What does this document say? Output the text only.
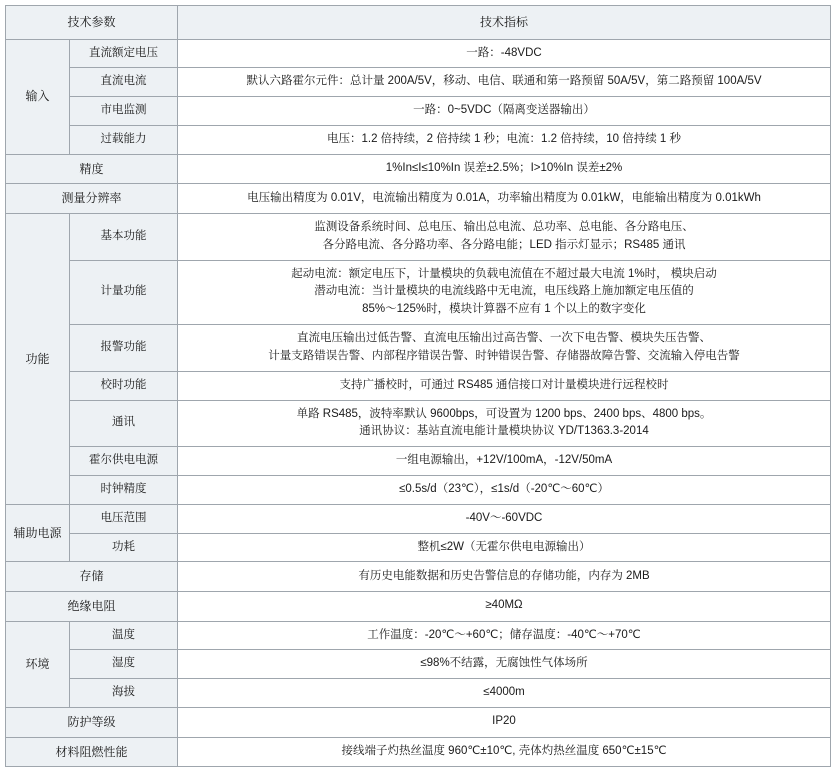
技术参数		技术指标
输入	直流额定电压	一路：-48VDC

	直流电流	默认六路霍尔元件：总计量 200A/5V，移动、电信、联通和第一路预留 50A/5V，第二路预留 100A/5V

	市电监测	一路：0~5VDC（隔离变送器输出）

	过载能力	电压：1.2 倍持续，2 倍持续 1 秒；电流：1.2 倍持续，10 倍持续 1 秒

精度		1%In≤I≤10%In 误差±2.5%；I>10%In 误差±2%

测量分辨率		电压输出精度为 0.01V，电流输出精度为 0.01A，功率输出精度为 0.01kW，电能输出精度为 0.01kWh

功能	基本功能	监测设备系统时间、总电压、输出总电流、总功率、总电能、各分路电压、
各分路电流、各分路功率、各分路电能；LED 指示灯显示；RS485 通讯

	计量功能	起动电流：额定电压下，计量模块的负载电流值在不超过最大电流 1%时， 模块启动
潜动电流：当计量模块的电流线路中无电流，电压线路上施加额定电压值的
85%～125%时，模块计算器不应有 1 个以上的数字变化

	报警功能	直流电压输出过低告警、直流电压输出过高告警、一次下电告警、模块失压告警、
计量支路错误告警、内部程序错误告警、时钟错误告警、存储器故障告警、交流输入停电告警

	校时功能	支持广播校时，可通过 RS485 通信接口对计量模块进行远程校时

	通讯	单路 RS485，波特率默认 9600bps，可设置为 1200 bps、2400 bps、4800 bps。
通讯协议：基站直流电能计量模块协议 YD/T1363.3-2014

	霍尔供电电源	一组电源输出，+12V/100mA，-12V/50mA

	时钟精度	≤0.5s/d（23℃），≤1s/d（-20℃～60℃）

辅助电源	电压范围	-40V～-60VDC

	功耗	整机≤2W（无霍尔供电电源输出）

存储		有历史电能数据和历史告警信息的存储功能，内存为 2MB

绝缘电阻		≥40MΩ

环境	温度	工作温度：-20℃～+60℃；储存温度：-40℃～+70℃

	湿度	≤98%不结露，无腐蚀性气体场所

	海拔	≤4000m

防护等级		IP20

材料阻燃性能		接线端子灼热丝温度 960℃±10℃, 壳体灼热丝温度 650℃±15℃
